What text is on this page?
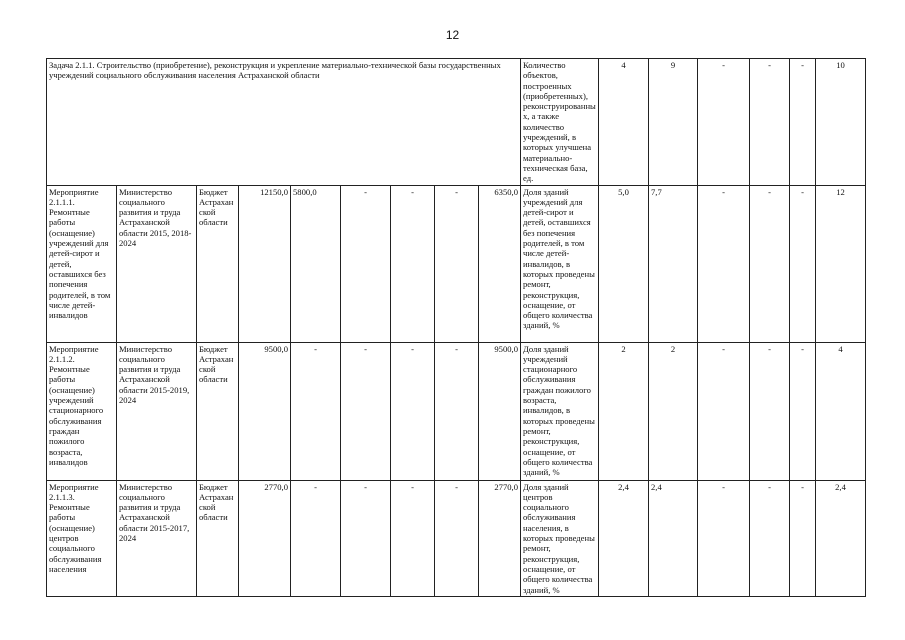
12
Задача 2.1.1. Строительство (приобретение), реконструкция и укрепление материально-технической базы государственных учреждений социального обслуживания населения Астраханской области									Количество объектов, построенных (приобретенных), реконструированных, а также количество учреждений, в которых улучшена материально-техническая база, ед.	4	9	-	-	-	10
Мероприятие 2.1.1.1. Ремонтные работы (оснащение) учреждений для детей-сирот и детей, оставшихся без попечения родителей, в том числе детей-инвалидов	Министерство социального развития и труда Астраханской области 2015, 2018-2024	Бюджет Астраханской области	12150,0	5800,0	-	-	-	6350,0	Доля зданий учреждений для детей-сирот и детей, оставшихся без попечения родителей, в том числе детей-инвалидов, в которых проведены ремонт, реконструкция, оснащение, от общего количества зданий, %	5,0	7,7	-	-	-	12
Мероприятие 2.1.1.2. Ремонтные работы (оснащение) учреждений стационарного обслуживания граждан пожилого возраста, инвалидов	Министерство социального развития и труда Астраханской области 2015-2019, 2024	Бюджет Астраханской области	9500,0	-	-	-	-	9500,0	Доля зданий учреждений стационарного обслуживания граждан пожилого возраста, инвалидов, в которых проведены ремонт, реконструкция, оснащение, от общего количества зданий, %	2	2	-	-	-	4
Мероприятие 2.1.1.3. Ремонтные работы (оснащение) центров социального обслуживания населения	Министерство социального развития и труда Астраханской области 2015-2017, 2024	Бюджет Астраханской области	2770,0	-	-	-	-	2770,0	Доля зданий центров социального обслуживания населения, в которых проведены ремонт, реконструкция, оснащение, от общего количества зданий, %	2,4	2,4	-	-	-	2,4
